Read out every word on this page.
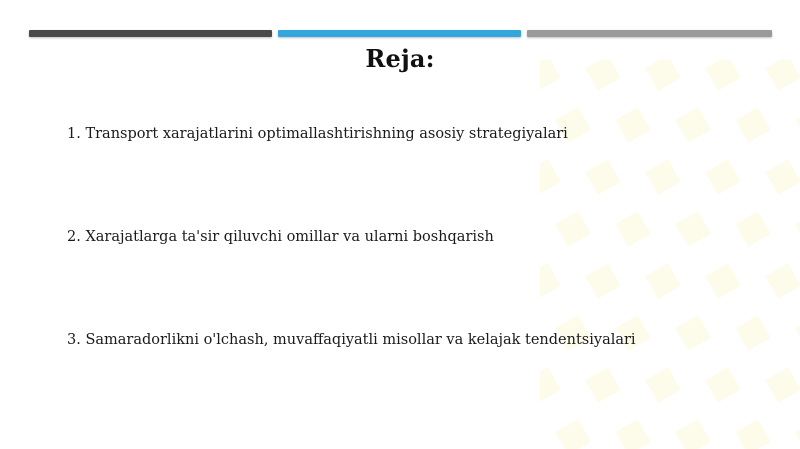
Reja:
1. Transport xarajatlarini optimallashtirishning asosiy strategiyalari
2. Xarajatlarga ta'sir qiluvchi omillar va ularni boshqarish
3. Samaradorlikni o'lchash, muvaffaqiyatli misollar va kelajak tendentsiyalari
